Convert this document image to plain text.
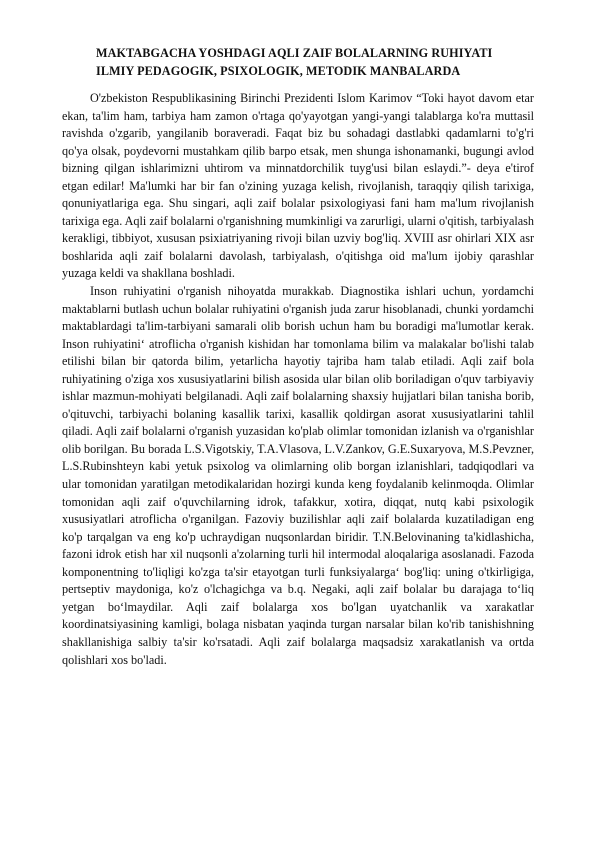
MAKTABGACHA YOSHDAGI AQLI ZAIF BOLALARNING RUHIYATI
ILMIY PEDAGOGIK, PSIXOLOGIK, METODIK MANBALARDA

O'zbekiston Respublikasining Birinchi Prezidenti Islom Karimov “Toki hayot davom etar ekan, ta'lim ham, tarbiya ham zamon o'rtaga qo'yayotgan yangi-yangi talablarga ko'ra muttasil ravishda o'zgarib, yangilanib boraveradi. Faqat biz bu sohadagi dastlabki qadamlarni to'g'ri qo'ya olsak, poydevorni mustahkam qilib barpo etsak, men shunga ishonamanki, bugungi avlod bizning qilgan ishlarimizni uhtirom va minnatdorchilik tuyg'usi bilan eslaydi.”- deya e'tirof etgan edilar! Ma'lumki har bir fan o'zining yuzaga kelish, rivojlanish, taraqqiy qilish tarixiga, qonuniyatlariga ega. Shu singari, aqli zaif bolalar psixologiyasi fani ham ma'lum rivojlanish tarixiga ega. Aqli zaif bolalarni o'rganishning mumkinligi va zarurligi, ularni o'qitish, tarbiyalash kerakligi, tibbiyot, xususan psixiatriyaning rivoji bilan uzviy bog'liq. XVIII asr ohirlari XIX asr boshlarida aqli zaif bolalarni davolash, tarbiyalash, o'qitishga oid ma'lum ijobiy qarashlar yuzaga keldi va shakllana boshladi.

Inson ruhiyatini o'rganish nihoyatda murakkab. Diagnostika ishlari uchun, yordamchi maktablarni butlash uchun bolalar ruhiyatini o'rganish juda zarur hisoblanadi, chunki yordamchi maktablardagi ta'lim-tarbiyani samarali olib borish uchun ham bu boradigi ma'lumotlar kerak. Inson ruhiyatini‘ atroflicha o'rganish kishidan har tomonlama bilim va malakalar bo'lishi talab etilishi bilan bir qatorda bilim, yetarlicha hayotiy tajriba ham talab etiladi. Aqli zaif bola ruhiyatining o'ziga xos xususiyatlarini bilish asosida ular bilan olib boriladigan o'quv tarbiyaviy ishlar mazmun-mohiyati belgilanadi. Aqli zaif bolalarning shaxsiy hujjatlari bilan tanisha borib, o'qituvchi, tarbiyachi bolaning kasallik tarixi, kasallik qoldirgan asorat xususiyatlarini tahlil qiladi. Aqli zaif bolalarni o'rganish yuzasidan ko'plab olimlar tomonidan izlanish va o'rganishlar olib borilgan. Bu borada L.S.Vigotskiy, T.A.Vlasova, L.V.Zankov, G.E.Suxaryova, M.S.Pevzner, L.S.Rubinshteyn kabi yetuk psixolog va olimlarning olib borgan izlanishlari, tadqiqodlari va ular tomonidan yaratilgan metodikalaridan hozirgi kunda keng foydalanib kelinmoqda. Olimlar tomonidan aqli zaif o'quvchilarning idrok, tafakkur, xotira, diqqat, nutq kabi psixologik xususiyatlari atroflicha o'rganilgan. Fazoviy buzilishlar aqli zaif bolalarda kuzatiladigan eng ko'p tarqalgan va eng ko'p uchraydigan nuqsonlardan biridir. T.N.Belovinaning ta'kidlashicha, fazoni idrok etish har xil nuqsonli a'zolarning turli hil intermodal aloqalariga asoslanadi. Fazoda komponentning to'liqligi ko'zga ta'sir etayotgan turli funksiyalarga‘ bog'liq: uning o'tkirligiga, pertseptiv maydoniga, ko'z o'lchagichga va b.q. Negaki, aqli zaif bolalar bu darajaga to‘liq yetgan bo‘lmaydilar. Aqli zaif bolalarga xos bo'lgan uyatchanlik va xarakatlar koordinatsiyasining kamligi, bolaga nisbatan yaqinda turgan narsalar bilan ko'rib tanishishning shakllanishiga salbiy ta'sir ko'rsatadi. Aqli zaif bolalarga maqsadsiz xarakatlanish va ortda qolishlari xos bo'ladi.
